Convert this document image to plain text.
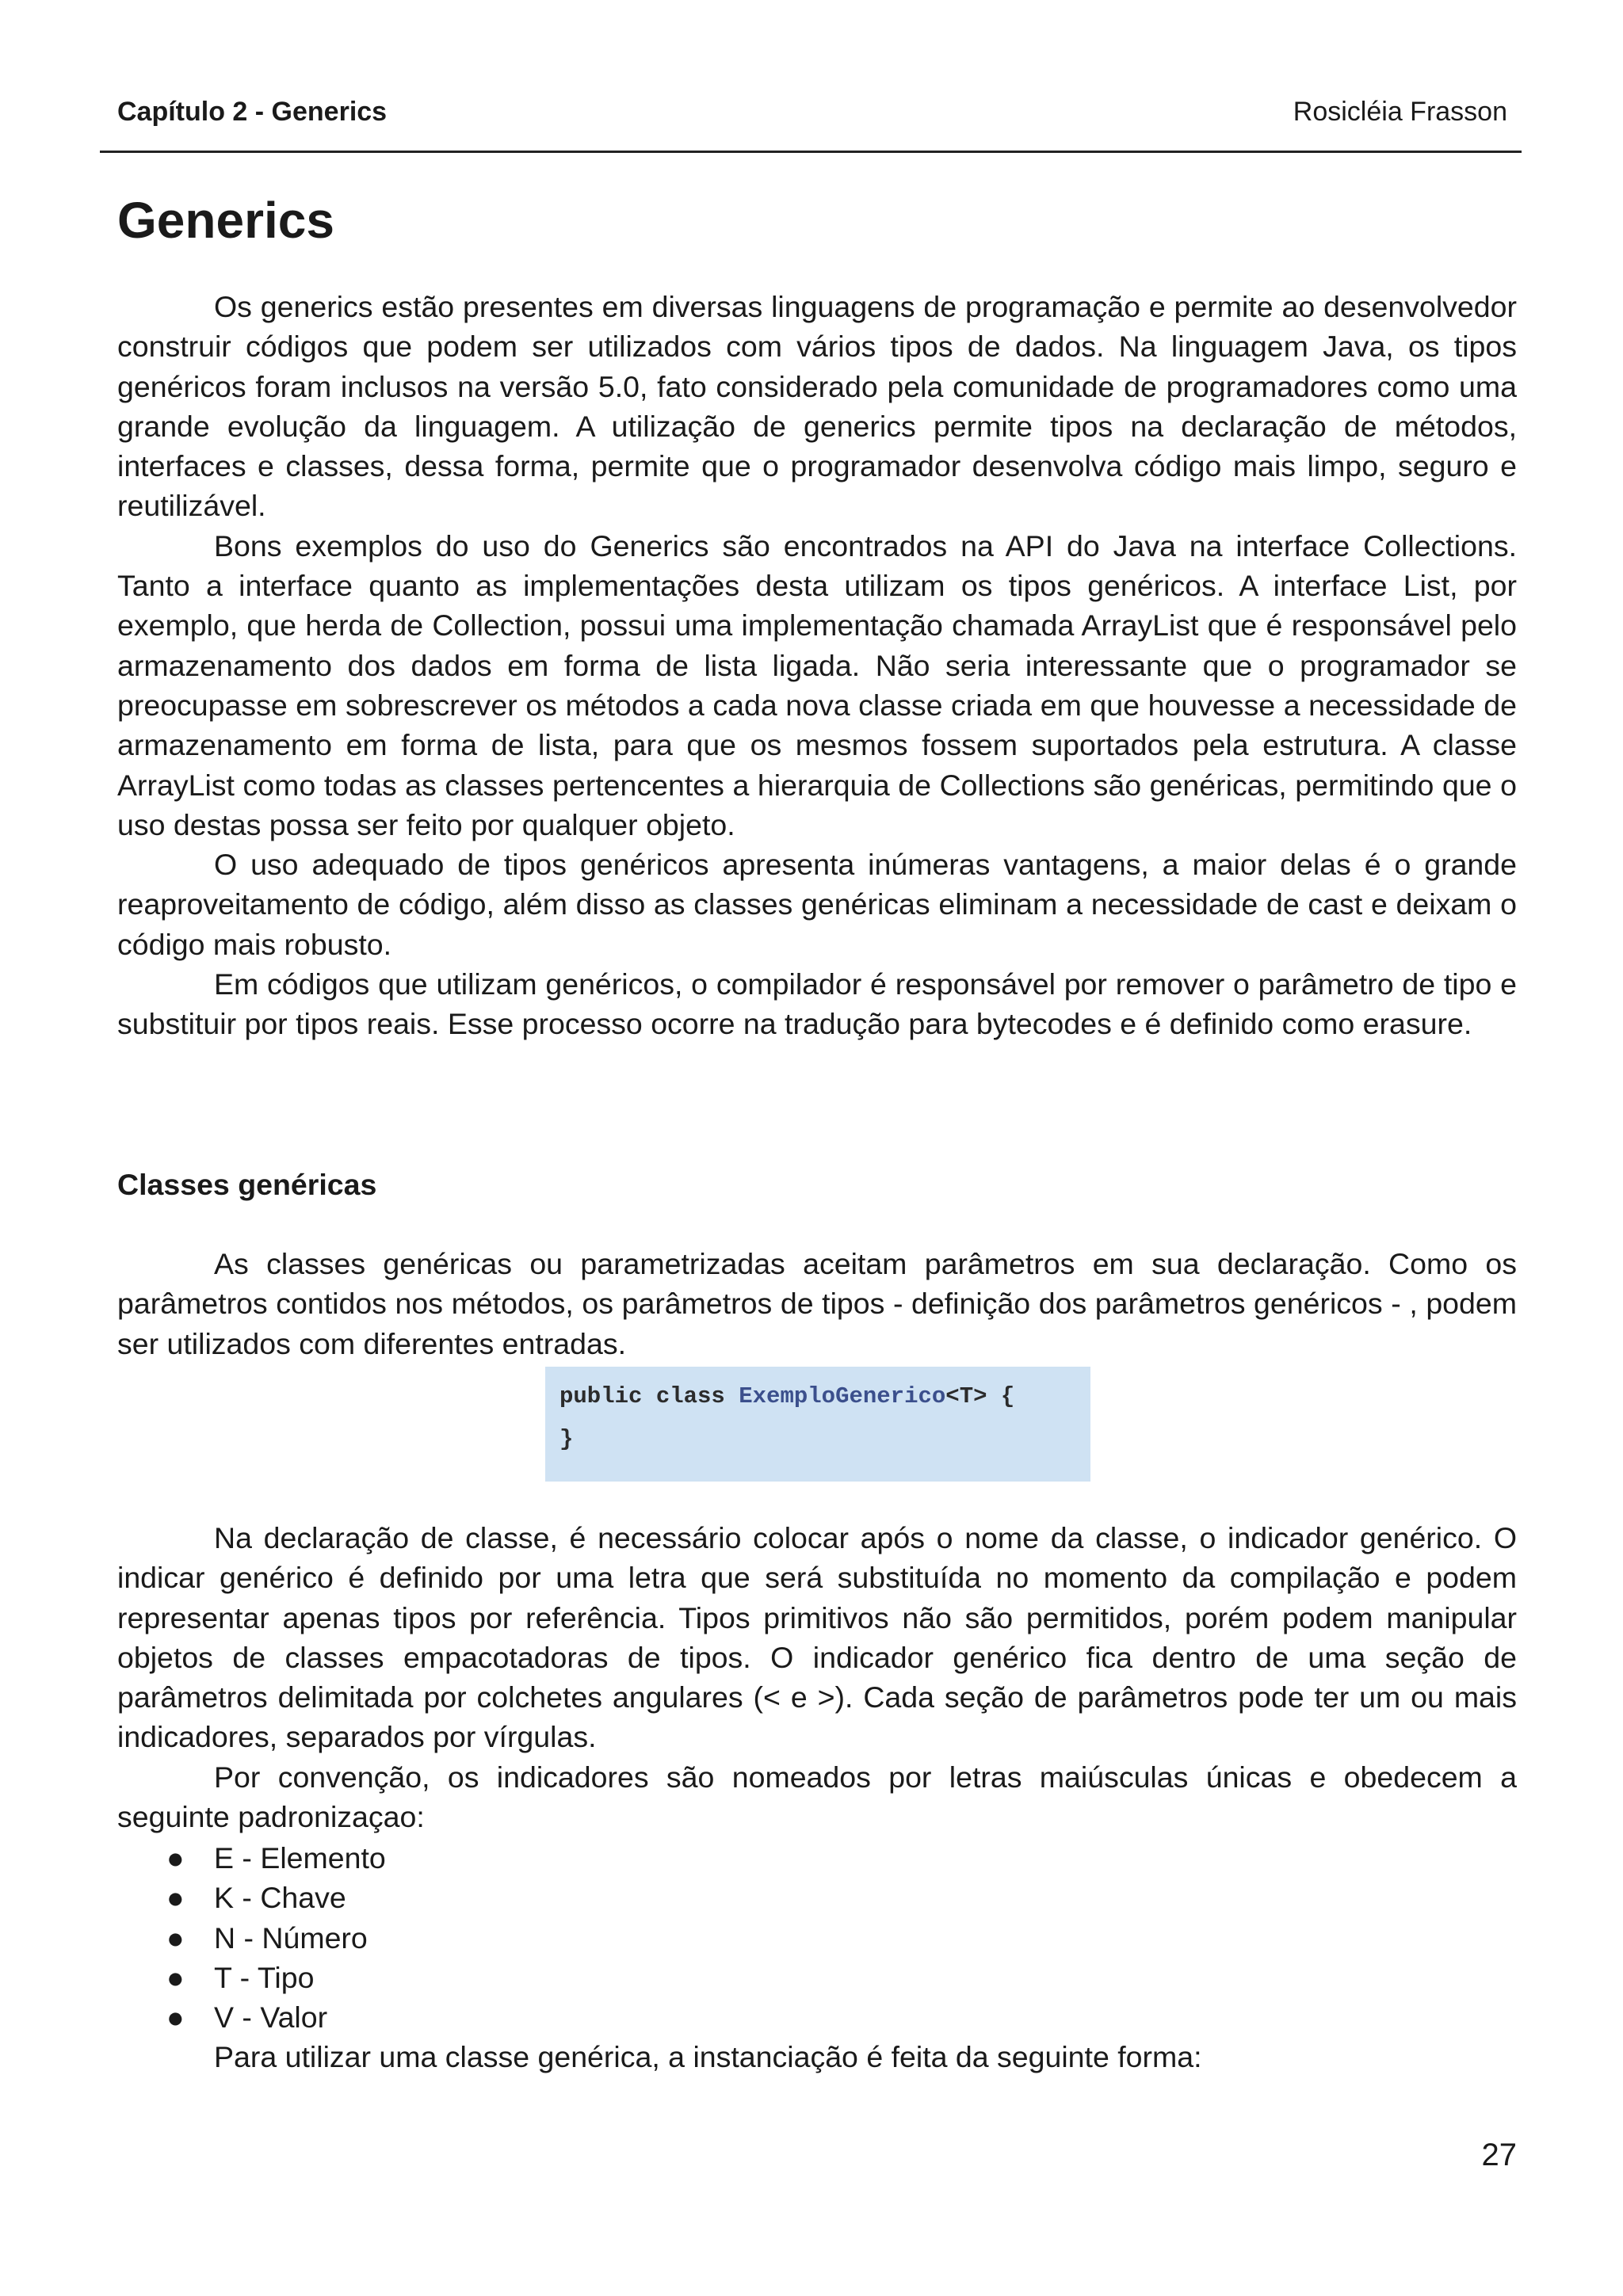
Capítulo 2 - Generics	Rosicléia Frasson
Generics

Os generics estão presentes em diversas linguagens de programação e permite ao desenvolvedor construir códigos que podem ser utilizados com vários tipos de dados. Na linguagem Java, os tipos genéricos foram inclusos na versão 5.0, fato considerado pela comunidade de programadores como uma grande evolução da linguagem. A utilização de generics permite tipos na declaração de métodos, interfaces e classes, dessa forma, permite que o programador desenvolva código mais limpo, seguro e reutilizável.

Bons exemplos do uso do Generics são encontrados na API do Java na interface Collections. Tanto a interface quanto as implementações desta utilizam os tipos genéricos. A interface List, por exemplo, que herda de Collection, possui uma implementação chamada ArrayList que é responsável pelo armazenamento dos dados em forma de lista ligada. Não seria interessante que o programador se preocupasse em sobrescrever os métodos a cada nova classe criada em que houvesse a necessidade de armazenamento em forma de lista, para que os mesmos fossem suportados pela estrutura. A classe ArrayList como todas as classes pertencentes a hierarquia de Collections são genéricas, permitindo que o uso destas possa ser feito por qualquer objeto.

O uso adequado de tipos genéricos apresenta inúmeras vantagens, a maior delas é o grande reaproveitamento de código, além disso as classes genéricas eliminam a necessidade de cast e deixam o código mais robusto.

Em códigos que utilizam genéricos, o compilador é responsável por remover o parâmetro de tipo e substituir por tipos reais. Esse processo ocorre na tradução para bytecodes e é definido como erasure.

Classes genéricas

As classes genéricas ou parametrizadas aceitam parâmetros em sua declaração. Como os parâmetros contidos nos métodos, os parâmetros de tipos - definição dos parâmetros genéricos - , podem ser utilizados com diferentes entradas.

public class ExemploGenerico<T> {
}

Na declaração de classe, é necessário colocar após o nome da classe, o indicador genérico. O indicar genérico é definido por uma letra que será substituída no momento da compilação e podem representar apenas tipos por referência. Tipos primitivos não são permitidos, porém podem manipular objetos de classes empacotadoras de tipos. O indicador genérico fica dentro de uma seção de parâmetros delimitada por colchetes angulares (< e >). Cada seção de parâmetros pode ter um ou mais indicadores, separados por vírgulas.

Por convenção, os indicadores são nomeados por letras maiúsculas únicas e obedecem a seguinte padronizaçao:

● E - Elemento
● K - Chave
● N - Número
● T - Tipo
● V - Valor

Para utilizar uma classe genérica, a instanciação é feita da seguinte forma:

27
